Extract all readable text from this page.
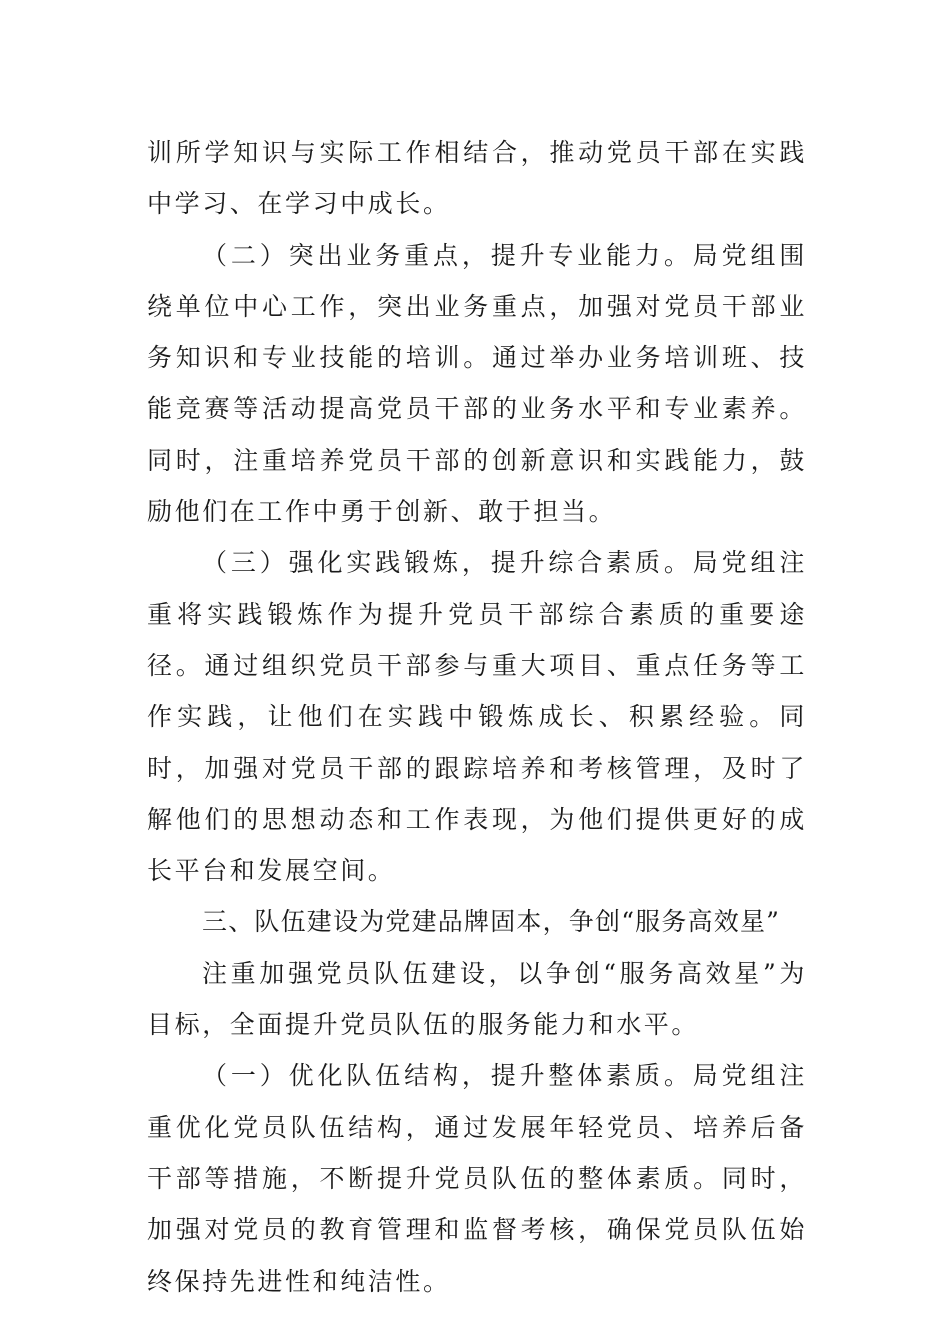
训所学知识与实际工作相结合，推动党员干部在实践中学习、在学习中成长。

（二）突出业务重点，提升专业能力。局党组围绕单位中心工作，突出业务重点，加强对党员干部业务知识和专业技能的培训。通过举办业务培训班、技能竞赛等活动提高党员干部的业务水平和专业素养。同时，注重培养党员干部的创新意识和实践能力，鼓励他们在工作中勇于创新、敢于担当。

（三）强化实践锻炼，提升综合素质。局党组注重将实践锻炼作为提升党员干部综合素质的重要途径。通过组织党员干部参与重大项目、重点任务等工作实践，让他们在实践中锻炼成长、积累经验。同时，加强对党员干部的跟踪培养和考核管理，及时了解他们的思想动态和工作表现，为他们提供更好的成长平台和发展空间。

三、队伍建设为党建品牌固本，争创“服务高效星”

注重加强党员队伍建设，以争创“服务高效星”为目标，全面提升党员队伍的服务能力和水平。

（一）优化队伍结构，提升整体素质。局党组注重优化党员队伍结构，通过发展年轻党员、培养后备干部等措施，不断提升党员队伍的整体素质。同时，加强对党员的教育管理和监督考核，确保党员队伍始终保持先进性和纯洁性。
